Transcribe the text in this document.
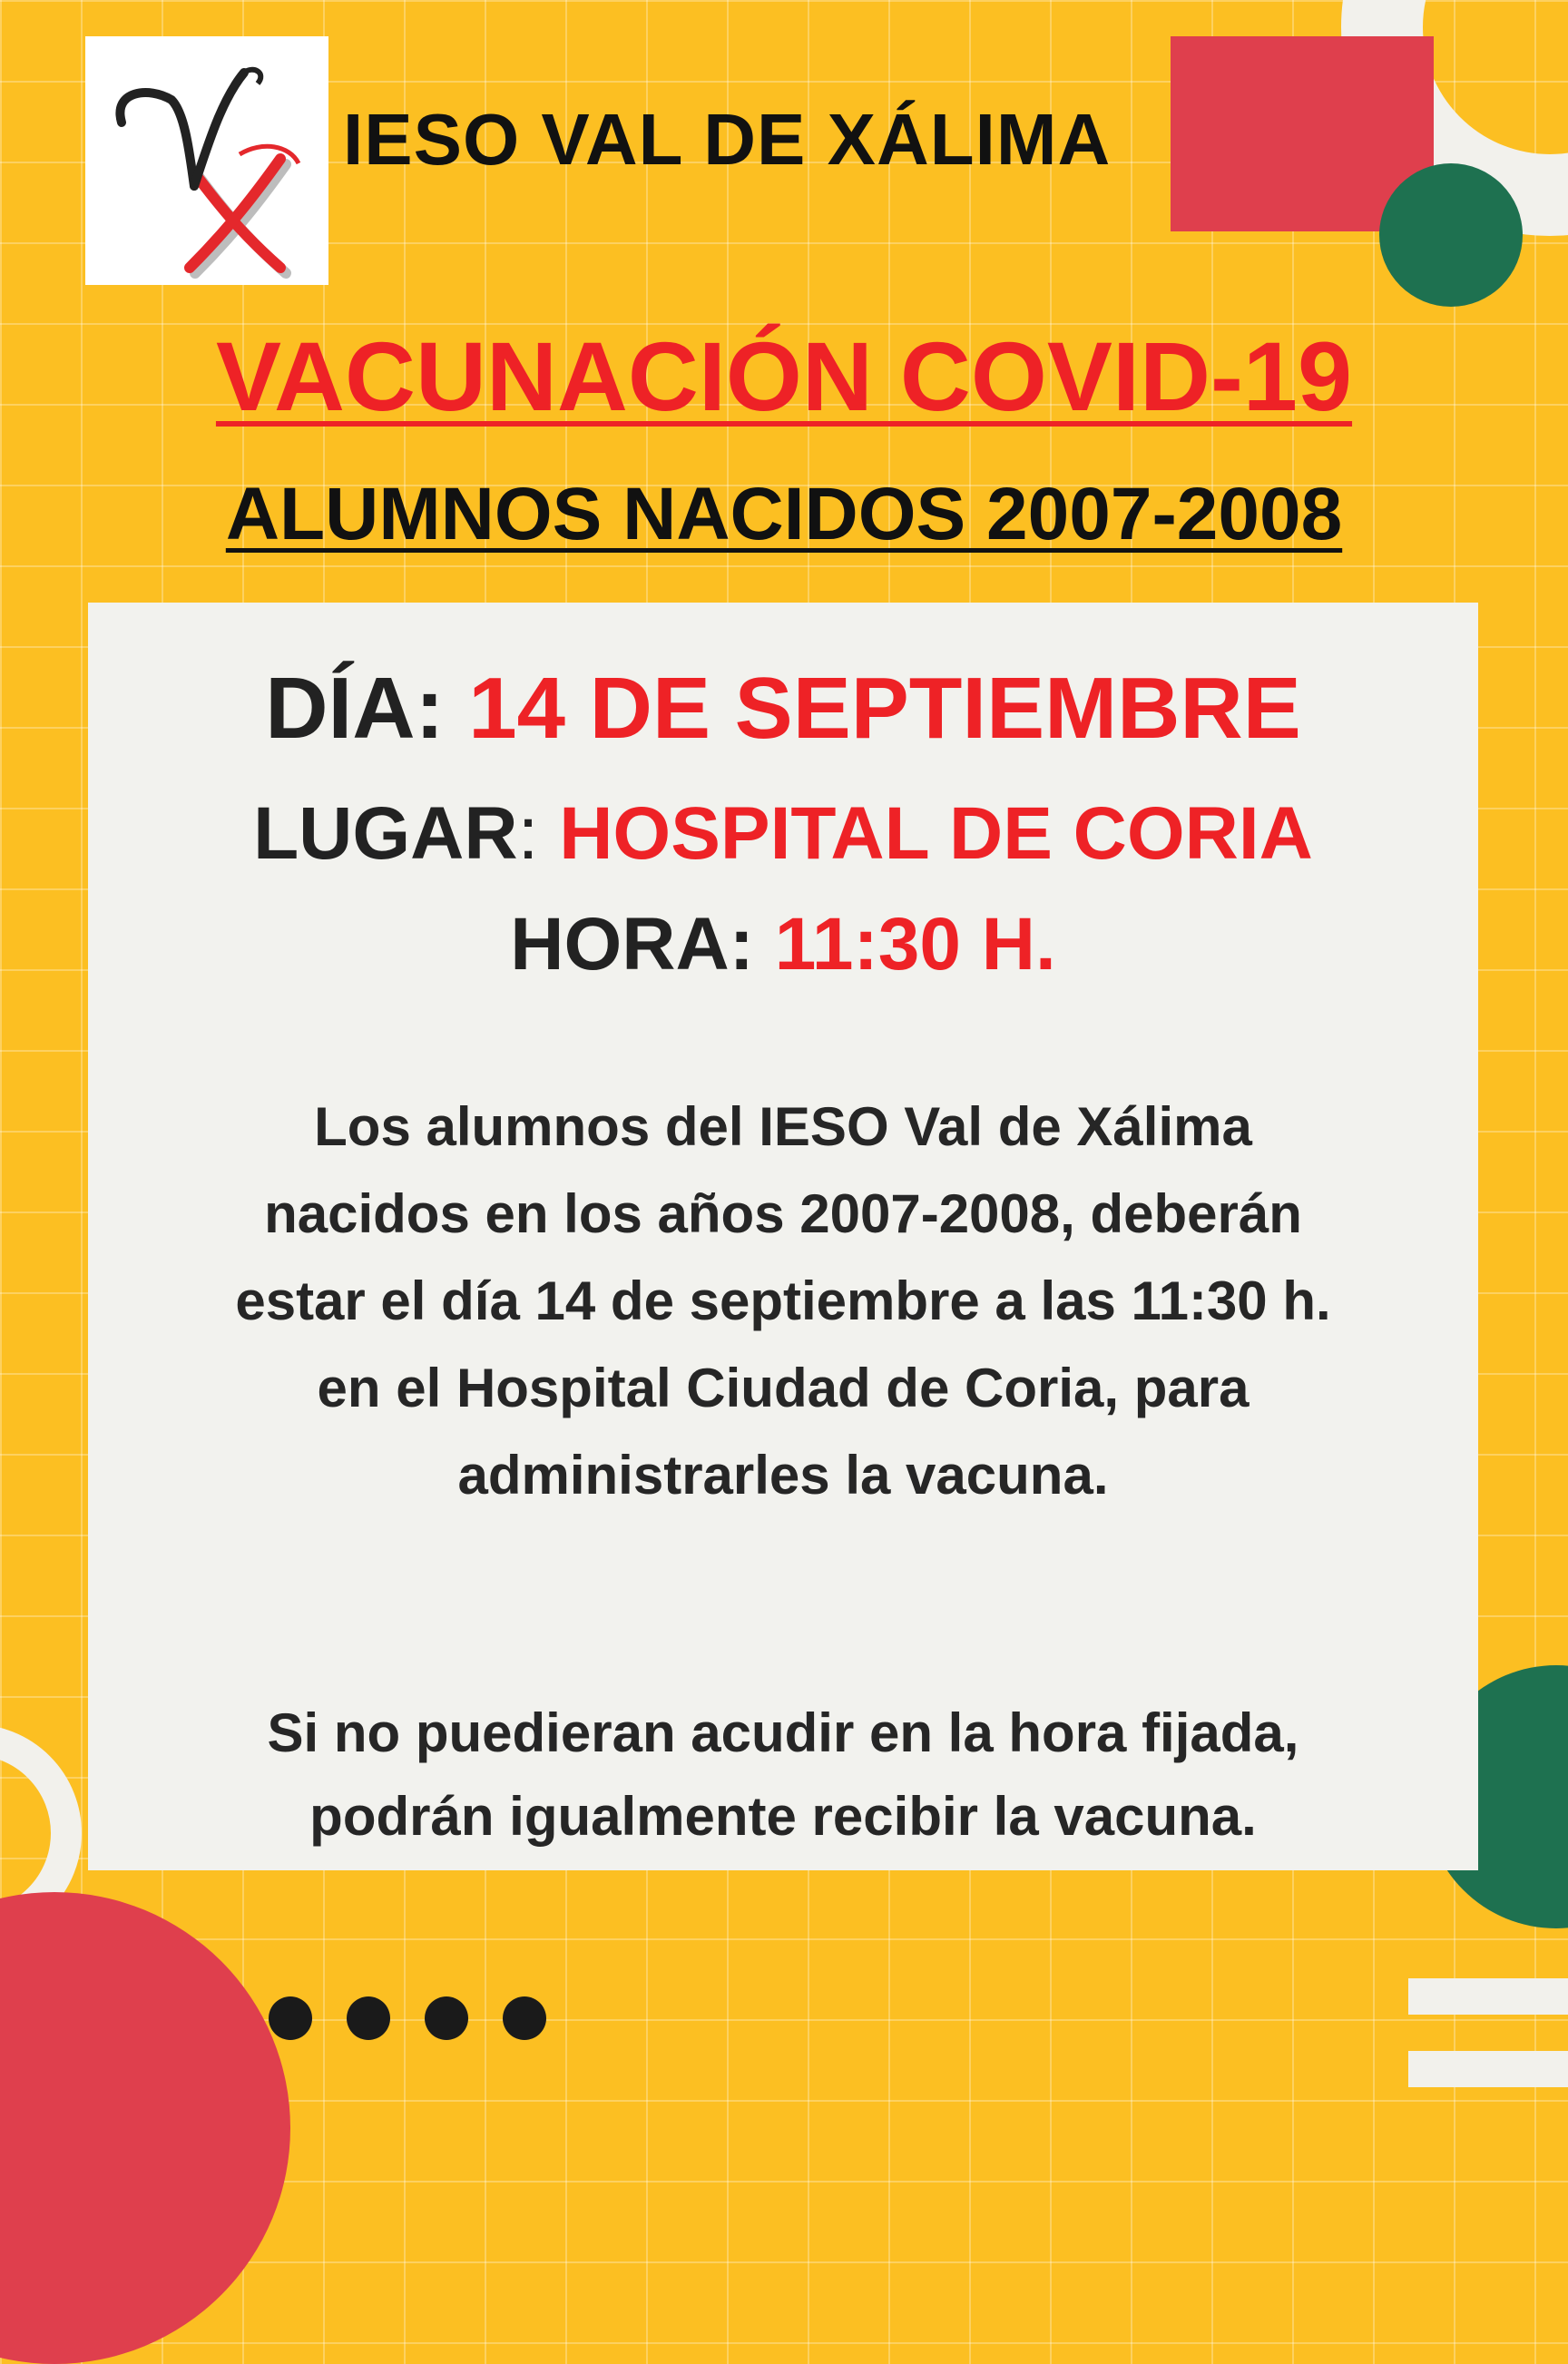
IESO VAL DE XÁLIMA
VACUNACIÓN COVID-19
ALUMNOS NACIDOS 2007-2008
DÍA: 14 DE SEPTIEMBRE
LUGAR: HOSPITAL DE CORIA
HORA: 11:30 H.
Los alumnos del IESO Val de Xálima
nacidos en los años 2007-2008, deberán
estar el día 14 de septiembre a las 11:30 h.
en el Hospital Ciudad de Coria, para
administrarles la vacuna.
Si no puedieran acudir en la hora fijada,
podrán igualmente recibir la vacuna.
